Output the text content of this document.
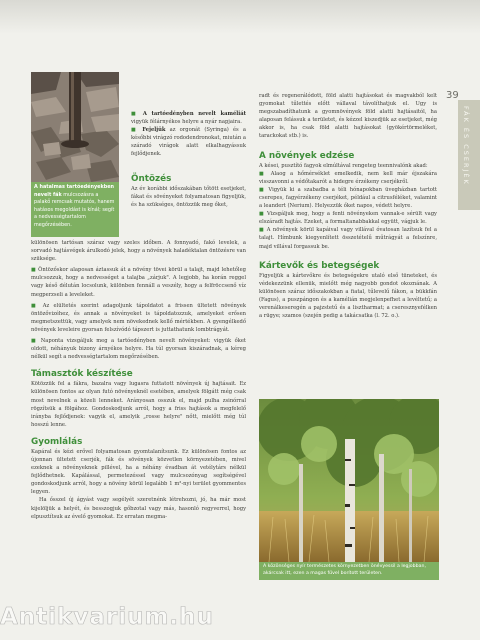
FÁK ÉS CSERJÉK
39
A hatalmas tartóedényekben nevelt fák mulcsozásra a palakő remcsak mutatós, hanem hatásos megoldást is kínál; segít a nedvességtartalom megőrzésében.

■ A tartóedényben nevelt kaméliát vigyük félárnyékos helyre a nyár napjaira.

■ Fejeljük az orgonát (Syringa) és a későbbi virágzó rododendronokat, miután a száradó virágok alatt elkalhagyássuk fejlődjenek.

Öntözés

Az év korábbi időszakában tőtött esetjeket, fákat és sövényeket folyamatosan figyeljük, és ha szükséges, öntözzük meg őket,

különösen tartósan száraz vagy szeles időben. A fonnyadó, fakó levelek, a sorvadó hajtásvégek árulkodó jelek, hogy a növények haladéktalan öntözésre van szüksége.

■ Öntözőskor alaposan áztassuk át a növény tövei körül a talajt, majd lehetőleg mulcsozzuk, hogy a nedvességet a talajba „zárjuk". A legjobb, ha korán reggel vagy késő délután locsolunk, különben fennáll a veszély, hogy a felfröccsenő víz megperzseli a leveleket.

■ Az elültetés szerint adagoljunk tápoldatot a frissen ültetett növények öntözővizéhez, és annak a növényeket is tápoldatozzuk, amelyeket erősen megmetszettük, vagy amelyek nem növekednek kellő mértékben. A gyengélkedő növények leveleire gyorsan felszívódó tápszert is juttathatunk lombtrágyát.

■ Naponta vizsgáljuk meg a tartóedényben nevelt növényeket: vigyük őket oldott, néhányuk bizony árnyékos helyre. Ha túl gyorsan kiszáradnak, a kéreg nélkül segít a nedvességtartalom megőrzésében.

Támasztók készítése

Kötözzük fel a fákra, bazalra vagy lugasra futtatott növények új hajtásait. Ez különösen fontos az olyan futó növényeknél esetében, amelyek fölgátt még csak most nevelnek a közeli lenneket. Arányosan osszuk el, majd pulha zsinórral rögzítsük a fölgához. Gondoskodjunk arról, hogy a friss hajtások a megfelelő irányba fejlődjenek: vagyik el, amelyik „rosse helyre" nőtt, mielőtt még túl hosszú lenne.

Gyomlálás

Kapáral és kézi erővel folyamatosan gyomtalanítsunk. Ez különösen fontos az újonnan ültetett cserjék, fák és sövények közvetlen környezetében, mivel ezeknek a növényeknek pillével, ha a néhány évadban át vetélytárs nélkül fejlődhetnek. Kapálással, permetezéssel vagy mulcsozónyag segítségével gondoskodjunk arról, hogy a növény körül legalább 1 m²-nyi terület gyommentes legyen.

Ha ősszel új ágyást vagy segélyét szeretnénk létrehozni, jó, ha már most kijelöljük a helyét, és besszogjuk gőbzotal vagy más, hasonló regyverrel, hogy elpusztítsuk az évelő gyomokat. Ez erratan megma-

radt és regenerálódott, föld alatti hajtásokat és magvakból kelt gyomokat tűlettés előtt vállaval távolíthatjuk el. Ugy is megszabadíthatunk a gyomnövények föld alatti hajtásaitól, ha alaposan felássuk a területet, és kézzel kiszedjük az esetjeket, még akkor is, ha csak föld alatti hajtásokat (gyökértörmeléket, tarackokat stb.) is.

A növények edzése

A kései, pusztító fagyok elmúltával rengeteg teennivalónk akad:

■ Alaog a hőmérséklet emelkedik, nem kell már éjszakára visszavonni a védőtakarót a hidegre érzékeny cserjékről.

■ Vigyük ki a szabadba a téli hónapokban üvegházban tartott cserepes, fagyérzékeny cserjéket, például a citrusféléket, valamint a leandert (Nerium). Helyezzük őket napos, védett helyre.

■ Vizsgáljuk meg, hogy a fenti növényeken vannak-e sérült vagy elszáradt hajtás. Ezeket, a formaltanabbakkal együtt, vágjuk le.

■ A növények körül kapáival vagy villával óvatosan lazítsuk fel a talajt. Hímbunk kiegyenlített összetételű műtrágyát a felszínre, majd villával forgassuk be.

Kártevők és betegségek

Figyeljük a kártevőkre és betegségekre utaló első tüneteket, és védekezzünk ellenük, mielőtt még nagyobb gondot okoznának. A különösen száraz időszakokban a fiatal, tűlevelű fákon, a bükkfán (Fagus), a puszpángon és a kamélián megjelenpefhet a levéltetű; a verenálkeseregén a pajzstetű és a lisztharmat; a cseresznyefélken a rügye; szamos (szején pedig a takácsatka (l. 72. o.).

A közönséges nyír természetes környezetben önévyessil a legjobban, akárcsak itt, ezen a magas fűvel borított területen.
Antikvarium.hu
